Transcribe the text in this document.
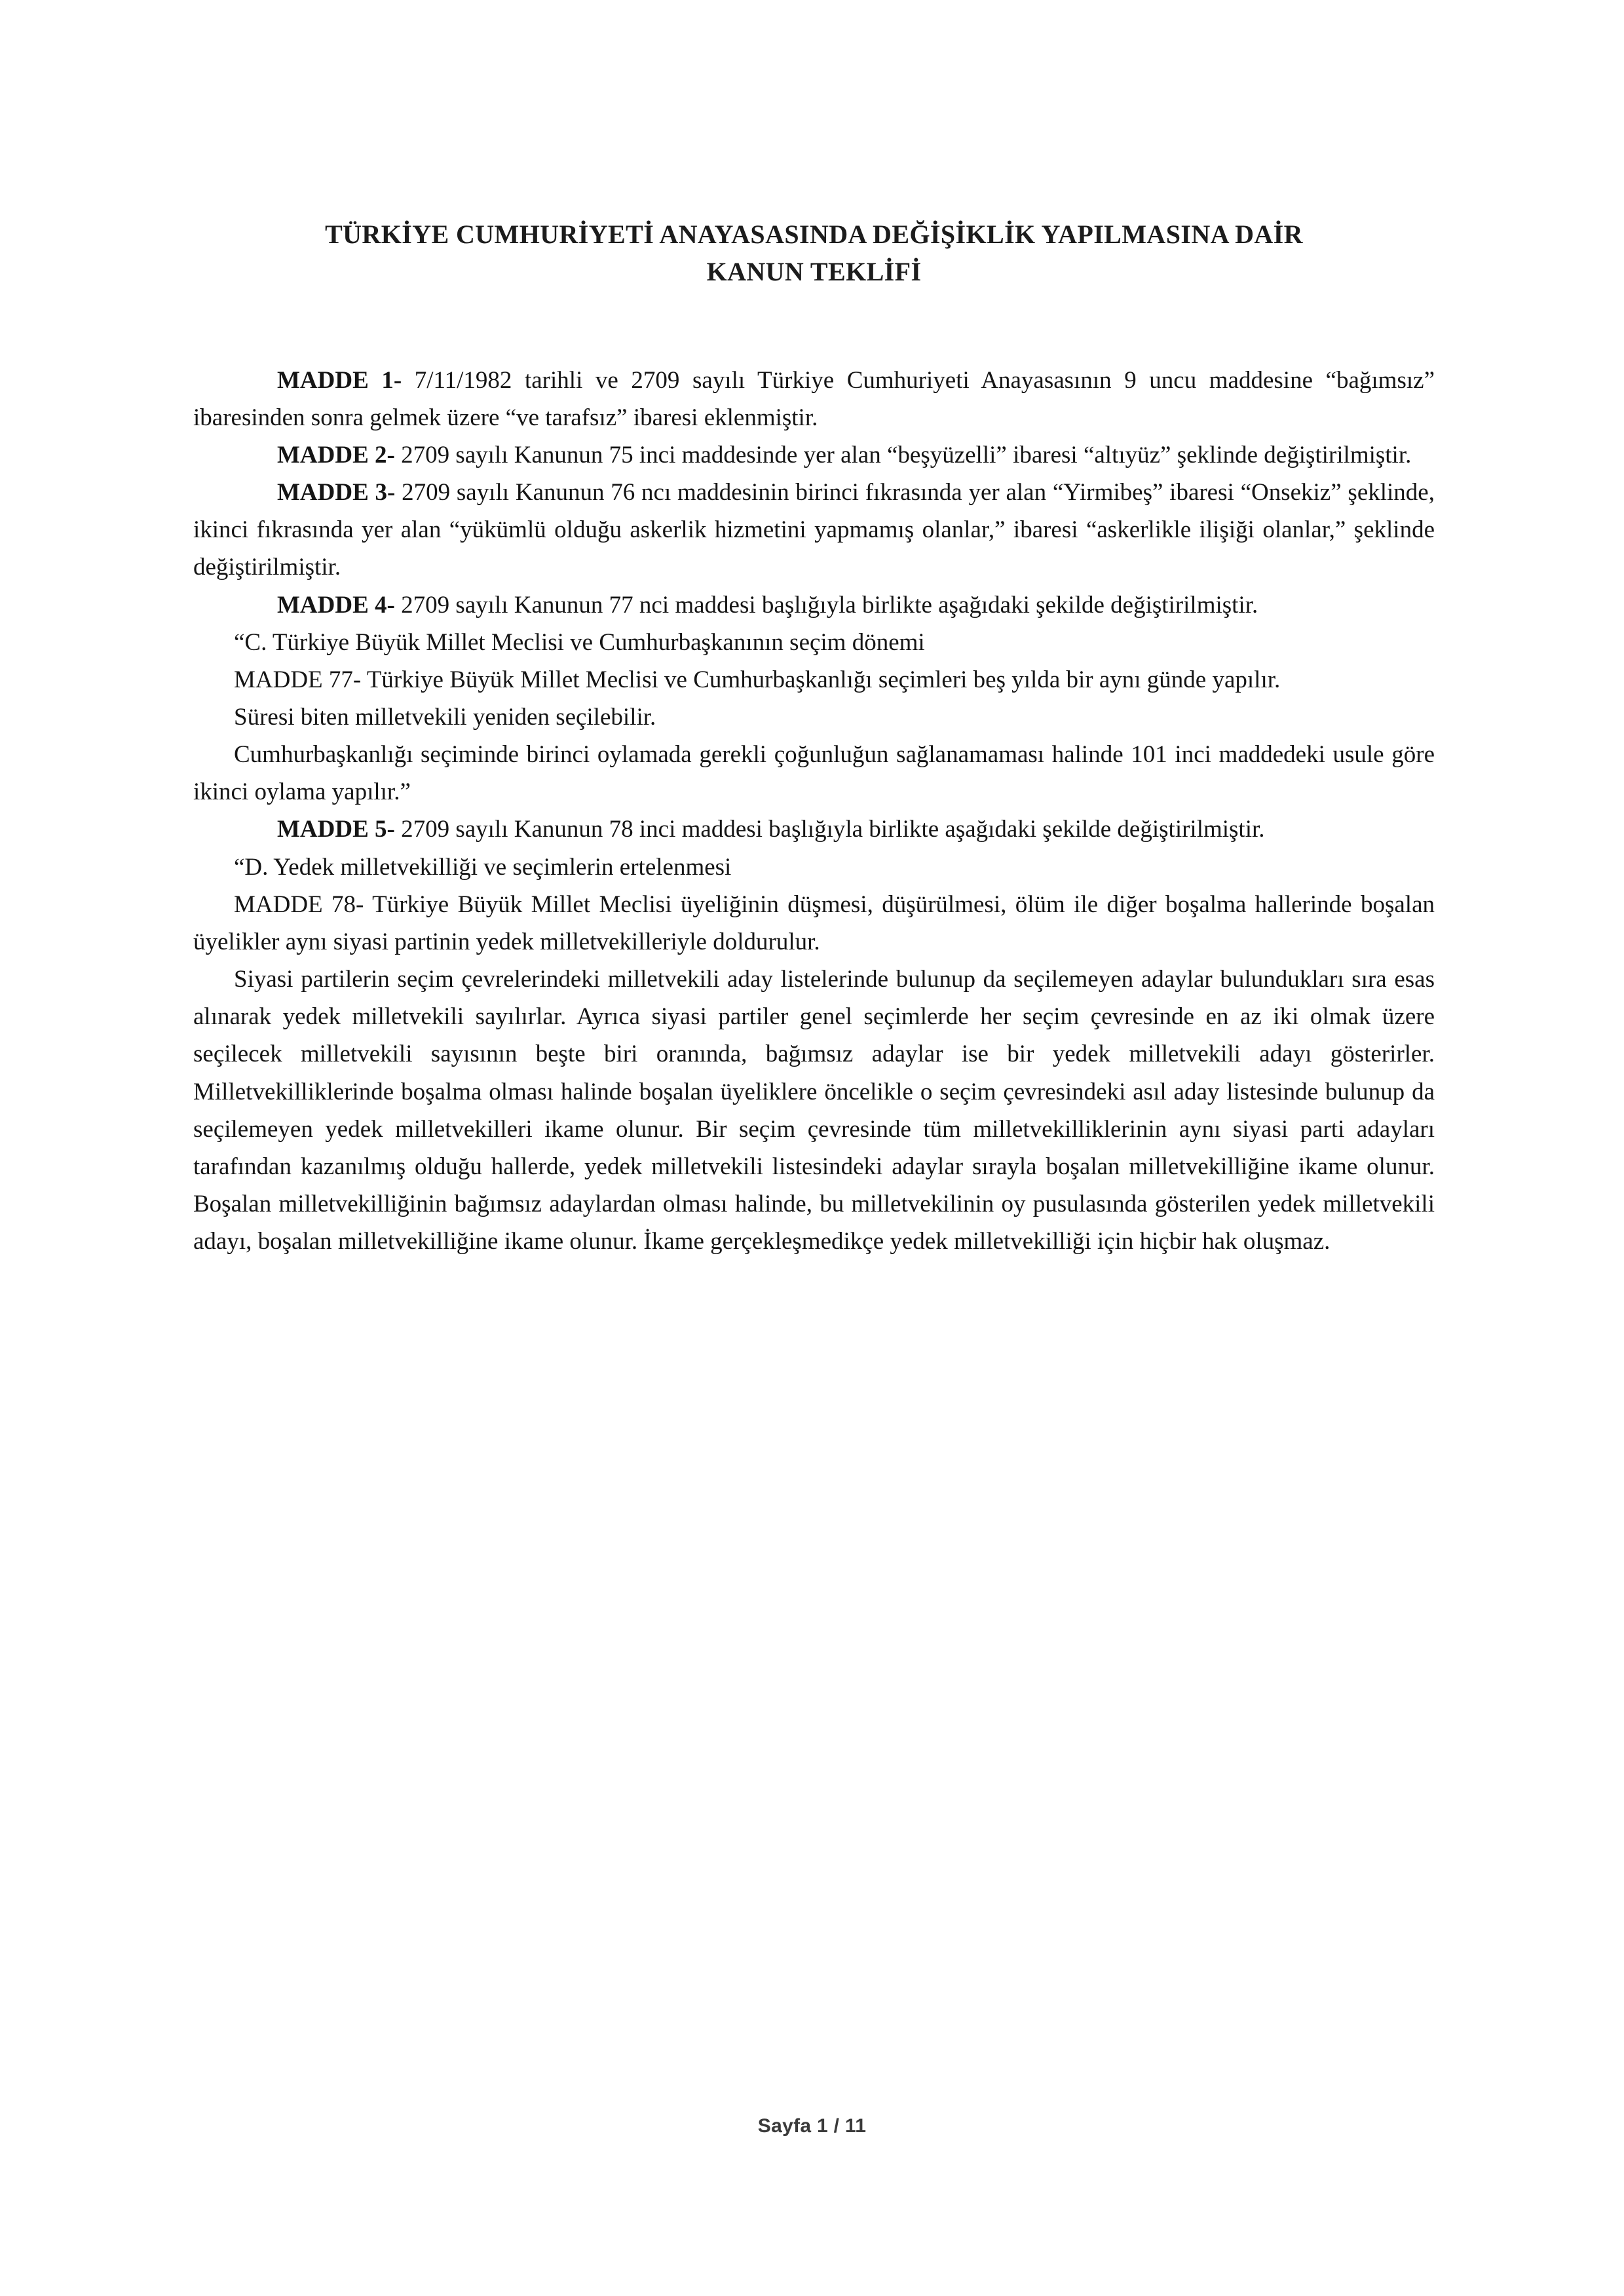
TÜRKİYE CUMHURİYETİ ANAYASASINDA DEĞİŞİKLİK YAPILMASINA DAİR
KANUN TEKLİFİ

MADDE 1- 7/11/1982 tarihli ve 2709 sayılı Türkiye Cumhuriyeti Anayasasının 9 uncu maddesine “bağımsız” ibaresinden sonra gelmek üzere “ve tarafsız” ibaresi eklenmiştir.

MADDE 2- 2709 sayılı Kanunun 75 inci maddesinde yer alan “beşyüzelli” ibaresi “altıyüz” şeklinde değiştirilmiştir.

MADDE 3- 2709 sayılı Kanunun 76 ncı maddesinin birinci fıkrasında yer alan “Yirmibeş” ibaresi “Onsekiz” şeklinde, ikinci fıkrasında yer alan “yükümlü olduğu askerlik hizmetini yapmamış olanlar,” ibaresi “askerlikle ilişiği olanlar,” şeklinde değiştirilmiştir.

MADDE 4- 2709 sayılı Kanunun 77 nci maddesi başlığıyla birlikte aşağıdaki şekilde değiştirilmiştir.

“C. Türkiye Büyük Millet Meclisi ve Cumhurbaşkanının seçim dönemi

MADDE 77- Türkiye Büyük Millet Meclisi ve Cumhurbaşkanlığı seçimleri beş yılda bir aynı günde yapılır.

Süresi biten milletvekili yeniden seçilebilir.

Cumhurbaşkanlığı seçiminde birinci oylamada gerekli çoğunluğun sağlanamaması halinde 101 inci maddedeki usule göre ikinci oylama yapılır.”

MADDE 5- 2709 sayılı Kanunun 78 inci maddesi başlığıyla birlikte aşağıdaki şekilde değiştirilmiştir.

“D. Yedek milletvekilliği ve seçimlerin ertelenmesi

MADDE 78- Türkiye Büyük Millet Meclisi üyeliğinin düşmesi, düşürülmesi, ölüm ile diğer boşalma hallerinde boşalan üyelikler aynı siyasi partinin yedek milletvekilleriyle doldurulur.

Siyasi partilerin seçim çevrelerindeki milletvekili aday listelerinde bulunup da seçilemeyen adaylar bulundukları sıra esas alınarak yedek milletvekili sayılırlar. Ayrıca siyasi partiler genel seçimlerde her seçim çevresinde en az iki olmak üzere seçilecek milletvekili sayısının beşte biri oranında, bağımsız adaylar ise bir yedek milletvekili adayı gösterirler. Milletvekilliklerinde boşalma olması halinde boşalan üyeliklere öncelikle o seçim çevresindeki asıl aday listesinde bulunup da seçilemeyen yedek milletvekilleri ikame olunur. Bir seçim çevresinde tüm milletvekilliklerinin aynı siyasi parti adayları tarafından kazanılmış olduğu hallerde, yedek milletvekili listesindeki adaylar sırayla boşalan milletvekilliğine ikame olunur. Boşalan milletvekilliğinin bağımsız adaylardan olması halinde, bu milletvekilinin oy pusulasında gösterilen yedek milletvekili adayı, boşalan milletvekilliğine ikame olunur. İkame gerçekleşmedikçe yedek milletvekilliği için hiçbir hak oluşmaz.

Sayfa 1 / 11
